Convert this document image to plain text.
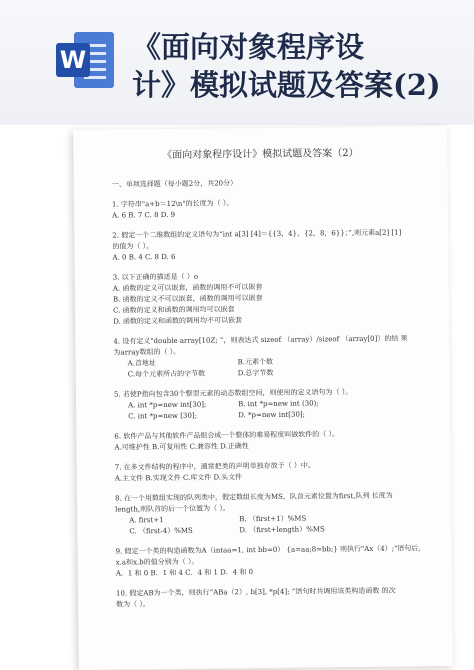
W 《面向对象程序设
计》模拟试题及答案(2)
《面向对象程序设计》模拟试题及答案（2）
一、单项选择题（每小题2分，共20分）

1. 字符串"a+b＝12\n"的长度为（ ）。

A. 6 B. 7 C. 8 D. 9

2. 假定一个二维数组的定义语句为“int a[3] [4]＝{{3，4}，{2，8，6}}；”,则元素a[2] [1]

的值为（ ）。

A. 0 B. 4 C. 8 D. 6

3. 以下正确的描述是（ ）o

A. 函数的定义可以嵌套，函数的调用不可以嵌套

B. 函数的定义不可以嵌套，函数的调用可以嵌套

C. 函数的定义和函数的调用均可以嵌套

D. 函数的定义和函数的调用均不可以嵌套

4. 设有定义"double array[10Z; ”，则表达式 sizeof （array）/sizeof （array[0]）的结 果

为array数组的（ ）。

A.首地址	B.元素个数
C.每个元素所占的字节数	D.总字节数

5. 若使P指向包含30个整型元素的动态数组空间，则使用的定义语句为（ ）。

A. int *p=new int[30];	B. int *p=new int (30);
C. int *p=new [30];	D. *p=new int[30];

6. 软件产品与其他软件产品组合成一个整体的难易程度叫做软件的（ ）。

A.可维护性 B.可复用性 C.兼容性 D.正确性

7. 在多文件结构的程序中，通常把类的声明单独存放于（ ）中。

A.主文件 B.实现文件 C.库文件 D.头文件

8. 在一个用数组实现的队列类中，假定数组长度为MS，队首元素位置为first,队列 长度为

length,则队首的后一个位置为（ ）。

A. first+1	B. （first+1）%MS
C. （first-4）%MS	D. （first+length）%MS

9. 假定一个类的构造函数为A（intaa=1, int bb=0） {a=aa;8=bb;} 则执行"Ax（4）;"语句后,

x.a和x.b的值分别为（ ）。

A．1 和 0 B．1 和 4 C．4 和 1 D．4 和 0

10. 假定AB为一个类，则执行“ABa（2）, b[3], *p[4]; ”语句时共调用该类构造函数 的次

数为（ ）。
